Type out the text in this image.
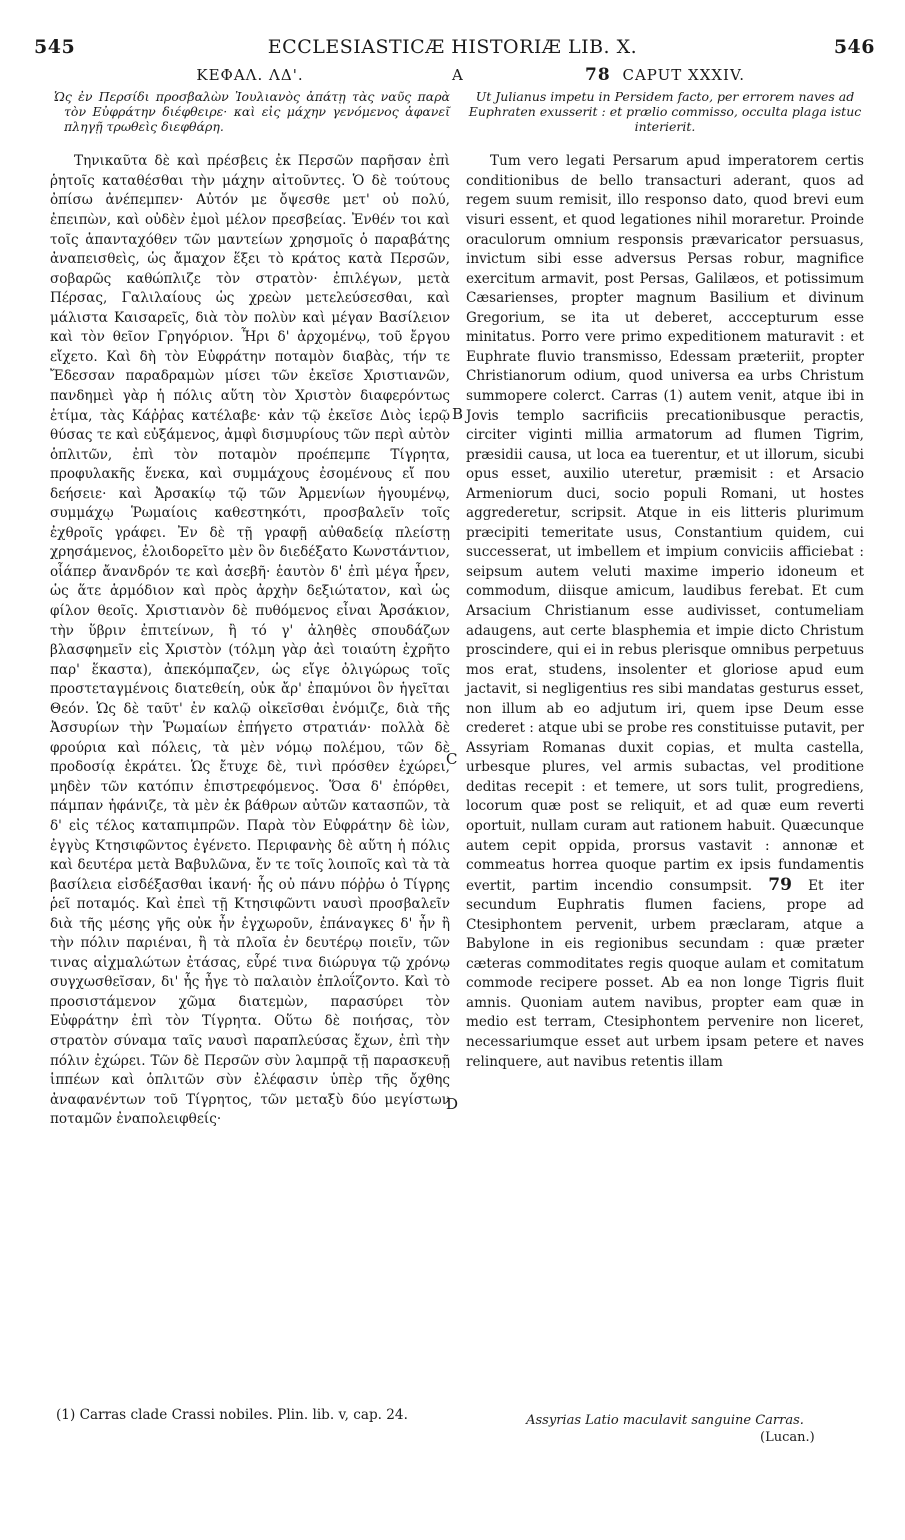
ECCLESIASTICÆ HISTORIÆ LIB. X.
545	546
A
B
C
D
ΚΕΦΑΛ. ΛΔ'.
Ὡς ἐν Περσίδι προσβαλὼν Ἰουλιανὸς ἀπάτῃ τὰς ναῦς παρὰ τὸν Εὐφράτην διέφθειρε· καὶ εἰς μάχην γενόμενος ἀφανεῖ πληγῇ τρωθεὶς διεφθάρη.
Τηνικαῦτα δὲ καὶ πρέσβεις ἐκ Περσῶν παρῆσαν ἐπὶ ῥητοῖς καταθέσθαι τὴν μάχην αἰτοῦντες. Ὁ δὲ τούτους ὀπίσω ἀνέπεμπεν· Αὐτόν με ὄψεσθε μετ' οὐ πολύ, ἐπειπὼν, καὶ οὐδὲν ἐμοὶ μέλον πρεσβείας. Ἐνθέν τοι καὶ τοῖς ἁπανταχόθεν τῶν μαντείων χρησμοῖς ὁ παραβάτης ἀναπεισθεὶς, ὡς ἄμαχον ἕξει τὸ κράτος κατὰ Περσῶν, σοβαρῶς καθώπλιζε τὸν στρατὸν· ἐπιλέγων, μετὰ Πέρσας, Γαλιλαίους ὡς χρεὼν μετελεύσεσθαι, καὶ μάλιστα Καισαρεῖς, διὰ τὸν πολὺν καὶ μέγαν Βασίλειον καὶ τὸν θεῖον Γρηγόριον. Ἦρι δ' ἀρχομένῳ, τοῦ ἔργου εἴχετο. Καὶ δὴ τὸν Εὐφράτην ποταμὸν διαβὰς, τήν τε Ἔδεσσαν παραδραμὼν μίσει τῶν ἐκεῖσε Χριστιανῶν, πανδημεὶ γὰρ ἡ πόλις αὕτη τὸν Χριστὸν διαφερόντως ἐτίμα, τὰς Κάῤῥας κατέλαβε· κἀν τῷ ἐκεῖσε Διὸς ἱερῷ θύσας τε καὶ εὐξάμενος, ἀμφὶ δισμυρίους τῶν περὶ αὐτὸν ὁπλιτῶν, ἐπὶ τὸν ποταμὸν προέπεμπε Τίγρητα, προφυλακῆς ἕνεκα, καὶ συμμάχους ἐσομένους εἴ που δεήσειε· καὶ Ἀρσακίῳ τῷ τῶν Ἀρμενίων ἡγουμένῳ, συμμάχῳ Ῥωμαίοις καθεστηκότι, προσβαλεῖν τοῖς ἐχθροῖς γράφει. Ἐν δὲ τῇ γραφῇ αὐθαδείᾳ πλείστῃ χρησάμενος, ἐλοιδορεῖτο μὲν ὃν διεδέξατο Κωνστάντιον, οἷάπερ ἄνανδρόν τε καὶ ἀσεβῆ· ἑαυτὸν δ' ἐπὶ μέγα ἦρεν, ὡς ἅτε ἁρμόδιον καὶ πρὸς ἀρχὴν δεξιώτατον, καὶ ὡς φίλον θεοῖς. Χριστιανὸν δὲ πυθόμενος εἶναι Ἀρσάκιον, τὴν ὕβριν ἐπιτείνων, ἢ τό γ' ἀληθὲς σπουδάζων βλασφημεῖν εἰς Χριστὸν (τόλμη γὰρ ἀεὶ τοιαύτη ἐχρῆτο παρ' ἕκαστα), ἀπεκόμπαζεν, ὡς εἴγε ὀλιγώρως τοῖς προστεταγμένοις διατεθείη, οὐκ ἄρ' ἐπαμύνοι ὃν ἡγεῖται Θεόν. Ὡς δὲ ταῦτ' ἐν καλῷ οἰκεῖσθαι ἐνόμιζε, διὰ τῆς Ἀσσυρίων τὴν Ῥωμαίων ἐπήγετο στρατιάν· πολλὰ δὲ φρούρια καὶ πόλεις, τὰ μὲν νόμῳ πολέμου, τῶν δὲ προδοσίᾳ ἐκράτει. Ὡς ἔτυχε δὲ, τινὶ πρόσθεν ἐχώρει, μηδὲν τῶν κατόπιν ἐπιστρεφόμενος. Ὅσα δ' ἐπόρθει, πάμπαν ἠφάνιζε, τὰ μὲν ἐκ βάθρων αὐτῶν κατασπῶν, τὰ δ' εἰς τέλος καταπιμπρῶν. Παρὰ τὸν Εὐφράτην δὲ ἰὼν, ἐγγὺς Κτησιφῶντος ἐγένετο. Περιφανὴς δὲ αὕτη ἡ πόλις καὶ δευτέρα μετὰ Βαβυλῶνα, ἔν τε τοῖς λοιποῖς καὶ τὰ τὰ βασίλεια εἰσδέξασθαι ἱκανή· ἧς οὐ πάνυ πόῤῥω ὁ Τίγρης ῥεῖ ποταμός. Καὶ ἐπεὶ τῇ Κτησιφῶντι ναυσὶ προσβαλεῖν διὰ τῆς μέσης γῆς οὐκ ἦν ἐγχωροῦν, ἐπάναγκες δ' ἦν ἢ τὴν πόλιν παριέναι, ἢ τὰ πλοῖα ἐν δευτέρῳ ποιεῖν, τῶν τινας αἰχμαλώτων ἐτάσας, εὗρέ τινα διώρυγα τῷ χρόνῳ συγχωσθεῖσαν, δι' ἧς ἦγε τὸ παλαιὸν ἐπλοΐζοντο. Καὶ τὸ προσιστάμενον χῶμα διατεμὼν, παρασύρει τὸν Εὐφράτην ἐπὶ τὸν Τίγρητα. Οὕτω δὲ ποιήσας, τὸν στρατὸν σύναμα ταῖς ναυσὶ παραπλεύσας ἔχων, ἐπὶ τὴν πόλιν ἐχώρει. Τῶν δὲ Περσῶν σὺν λαμπρᾷ τῇ παρασκευῇ ἱππέων καὶ ὁπλιτῶν σὺν ἐλέφασιν ὑπὲρ τῆς ὄχθης ἀναφανέντων τοῦ Τίγρητος, τῶν μεταξὺ δύο μεγίστων ποταμῶν ἐναπολειφθείς·
78 CAPUT XXXIV.
Ut Julianus impetu in Persidem facto, per errorem naves ad Euphraten exusserit : et prælio commisso, occulta plaga istuc interierit.
Tum vero legati Persarum apud imperatorem certis conditionibus de bello transacturi aderant, quos ad regem suum remisit, illo responso dato, quod brevi eum visuri essent, et quod legationes nihil moraretur. Proinde oraculorum omnium responsis prævaricator persuasus, invictum sibi esse adversus Persas robur, magnifice exercitum armavit, post Persas, Galilæos, et potissimum Cæsarienses, propter magnum Basilium et divinum Gregorium, se ita ut deberet, acccepturum esse minitatus. Porro vere primo expeditionem maturavit : et Euphrate fluvio transmisso, Edessam præteriit, propter Christianorum odium, quod universa ea urbs Christum summopere colerct. Carras (1) autem venit, atque ibi in Jovis templo sacrificiis precationibusque peractis, circiter viginti millia armatorum ad flumen Tigrim, præsidii causa, ut loca ea tuerentur, et ut illorum, sicubi opus esset, auxilio uteretur, præmisit : et Arsacio Armeniorum duci, socio populi Romani, ut hostes aggrederetur, scripsit. Atque in eis litteris plurimum præcipiti temeritate usus, Constantium quidem, cui successerat, ut imbellem et impium conviciis afficiebat : seipsum autem veluti maxime imperio idoneum et commodum, diisque amicum, laudibus ferebat. Et cum Arsacium Christianum esse audivisset, contumeliam adaugens, aut certe blasphemia et impie dicto Christum proscindere, qui ei in rebus plerisque omnibus perpetuus mos erat, studens, insolenter et gloriose apud eum jactavit, si negligentius res sibi mandatas gesturus esset, non illum ab eo adjutum iri, quem ipse Deum esse crederet : atque ubi se probe res constituisse putavit, per Assyriam Romanas duxit copias, et multa castella, urbesque plures, vel armis subactas, vel proditione deditas recepit : et temere, ut sors tulit, progrediens, locorum quæ post se reliquit, et ad quæ eum reverti oportuit, nullam curam aut rationem habuit. Quæcunque autem cepit oppida, prorsus vastavit : annonæ et commeatus horrea quoque partim ex ipsis fundamentis evertit, partim incendio consumpsit. 79 Et iter secundum Euphratis flumen faciens, prope ad Ctesiphontem pervenit, urbem præclaram, atque a Babylone in eis regionibus secundam : quæ præter cæteras commoditates regis quoque aulam et comitatum commode recipere posset. Ab ea non longe Tigris fluit amnis. Quoniam autem navibus, propter eam quæ in medio est terram, Ctesiphontem pervenire non liceret, necessariumque esset aut urbem ipsam petere et naves relinquere, aut navibus retentis illam
(1) Carras clade Crassi nobiles. Plin. lib. v, cap. 24.	Assyrias Latio maculavit sanguine Carras.
(Lucan.)
